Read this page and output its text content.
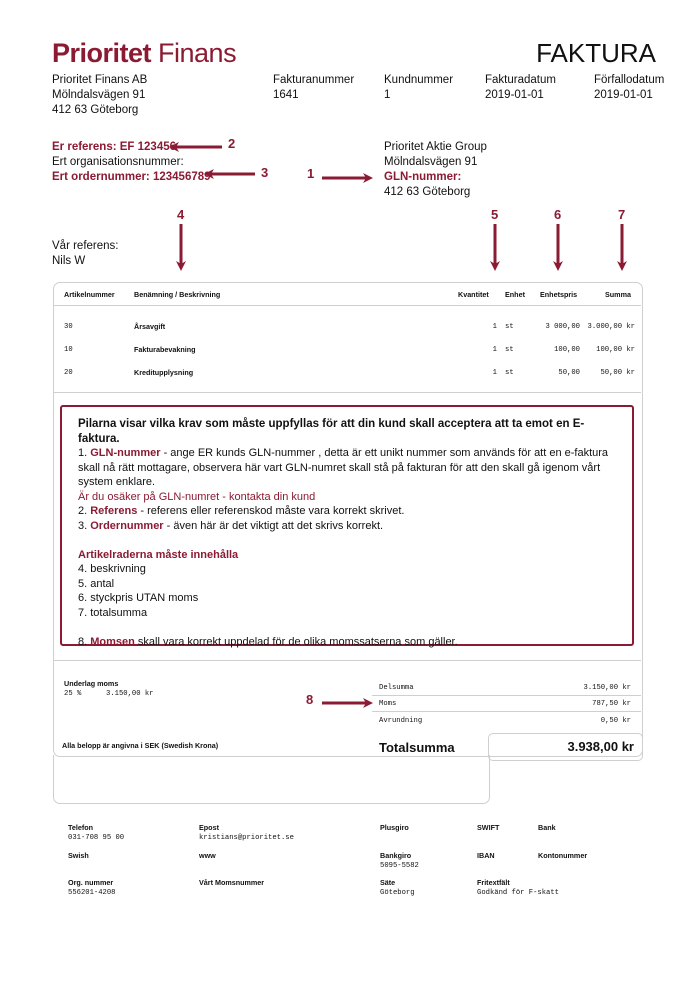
Prioritet Finans	FAKTURA
Prioritet Finans AB
Mölndalsvägen 91
412 63 Göteborg
Fakturanummer
1641
Kundnummer
1
Fakturadatum
2019-01-01
Förfallodatum
2019-01-01
Er referens: EF 123456
Ert organisationsnummer:
Ert ordernummer: 123456789
Prioritet Aktie Group
Mölndalsvägen 91
GLN-nummer:
412 63 Göteborg
2
3	1
4	5	6	7
8
Vår referens:
Nils W
Artikelnummer	Benämning / Beskrivning	Kvantitet Enhet Enhetspris	Summa
30	Årsavgift	1 st	3 000,00	3.000,00 kr
10	Fakturabevakning	1 st	100,00	100,00 kr
20	Kreditupplysning	1 st	50,00	50,00 kr
Pilarna visar vilka krav som måste uppfyllas för att din kund skall acceptera att ta emot en E-faktura.

1. GLN-nummer - ange ER kunds GLN-nummer , detta är ett unikt nummer som används för att en e-faktura skall nå rätt mottagare, observera här vart GLN-numret skall stå på fakturan för att den skall gå igenom vårt system enklare.

Är du osäker på GLN-numret - kontakta din kund

2. Referens - referens eller referenskod måste vara korrekt skrivet.

3. Ordernummer - även här är det viktigt att det skrivs korrekt.

Artikelraderna måste innehålla

4. beskrivning

5. antal

6. styckpris UTAN moms

7. totalsumma

8. Momsen skall vara korrekt uppdelad för de olika momssatserna som gäller.

Underlag moms
25 %	3.150,00 kr
Delsumma	3.150,00 kr
Moms	787,50 kr
Avrundning	0,50 kr
Alla belopp är angivna i SEK (Swedish Krona)	Totalsumma	3.938,00 kr
Telefon
031-708 95 00
Epost
kristians@prioritet.se
Plusgiro	SWIFT	Bank
Swish	www	Bankgiro
5095-5582
IBAN	Kontonummer
Org. nummer
556201-4208
Vårt Momsnummer	Säte
Göteborg
Fritextfält
Godkänd för F-skatt
